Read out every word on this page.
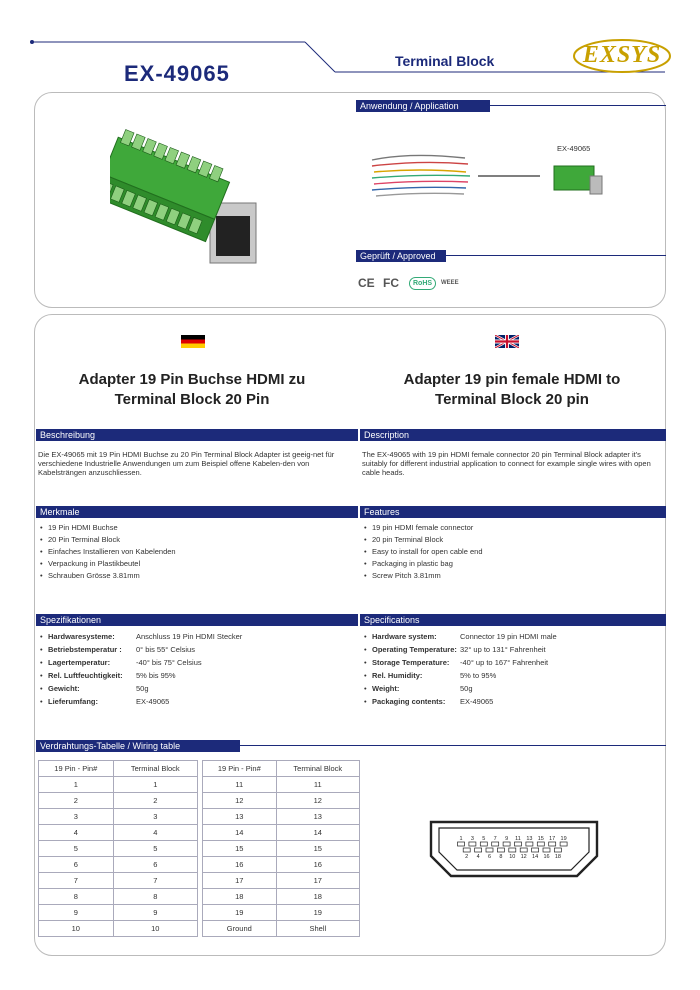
EX-49065	Terminal Block	EXSYS
Anwendung / Application
EX-49065
Geprüft / Approved
CE FC	RoHS	WEEE
Adapter 19 Pin Buchse HDMI zu Terminal Block 20 Pin
Adapter 19 pin female HDMI to Terminal Block 20 pin
Beschreibung	Description
Die EX-49065 mit 19 Pin HDMI Buchse zu 20 Pin Terminal Block Adapter ist geeig-net für verschiedene Industrielle Anwendungen um zum Beispiel offene Kabelen-den von Kabelsträngen anzuschliessen.
The EX-49065 with 19 pin HDMI female connector 20 pin Terminal Block adapter it's suitably for different industrial application to connect for example single wires with open cable heads.
Merkmale	Features
• 19 Pin HDMI Buchse
• 20 Pin Terminal Block
• Einfaches Installieren von Kabelenden
• Verpackung in Plastikbeutel
• Schrauben Grösse 3.81mm
• 19 pin HDMI female connector
• 20 pin Terminal Block
• Easy to install for open cable end
• Packaging in plastic bag
• Screw Pitch 3.81mm
Spezifikationen	Specifications
• Hardwaresysteme:	Anschluss 19 Pin HDMI Stecker
• Betriebstemperatur :	0° bis 55° Celsius
• Lagertemperatur:	-40° bis 75° Celsius
• Rel. Luftfeuchtigkeit:	5% bis 95%
• Gewicht:	50g
• Lieferumfang:	EX-49065
• Hardware system:	Connector 19 pin HDMI male
• Operating Temperature: 32° up to 131° Fahrenheit
• Storage Temperature:	-40° up to 167° Fahrenheit
• Rel. Humidity:	5% to 95%
• Weight:	50g
• Packaging contents:	EX-49065
Verdrahtungs-Tabelle / Wiring table
19 Pin - Pin#	Terminal Block
1	1
2	2
3	3
4	4
5	5
6	6
7	7
8	8
9	9
10	10
19 Pin - Pin#	Terminal Block
11	11
12	12
13	13
14	14
15	15
16	16
17	17
18	18
19	19
Ground	Shell
1 3 5 7 9 11 13 15 17 19
2 4 6 8 10 12 14 16 18
